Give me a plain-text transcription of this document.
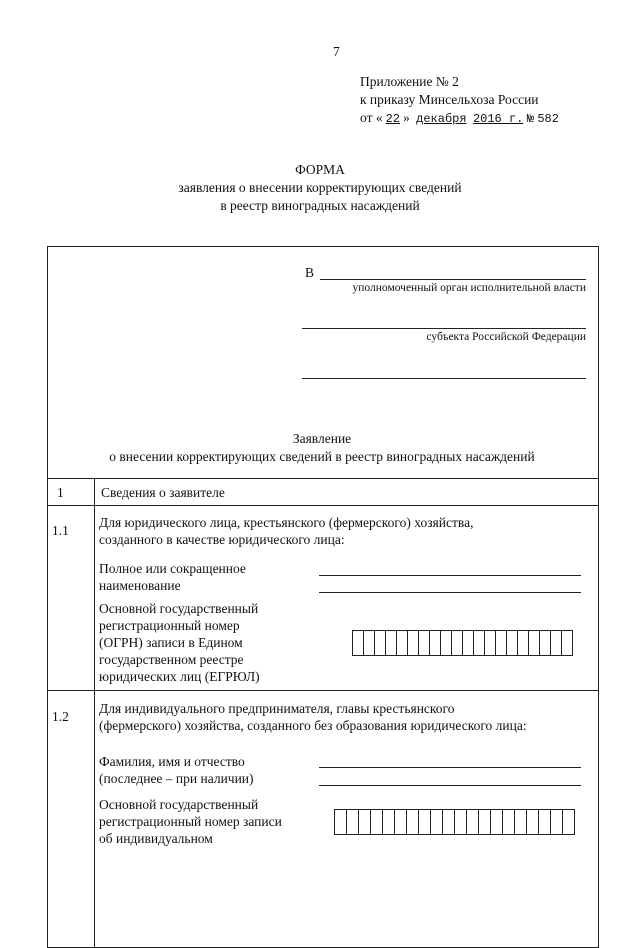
7
Приложение № 2
к приказу Минсельхоза России
от « 22 » декабря 2016 г. № 582
ФОРМА
заявления о внесении корректирующих сведений
в реестр виноградных насаждений
В
уполномоченный орган исполнительной власти
субъекта Российской Федерации
Заявление
о внесении корректирующих сведений в реестр виноградных насаждений
1	Сведения о заявителе
1.1
Для юридического лица, крестьянского (фермерского) хозяйства,
созданного в качестве юридического лица:
Полное или сокращенное
наименование
Основной государственный
регистрационный номер
(ОГРН) записи в Едином
государственном реестре
юридических лиц (ЕГРЮЛ)
1.2
Для индивидуального предпринимателя, главы крестьянского
(фермерского) хозяйства, созданного без образования юридического лица:
Фамилия, имя и отчество
(последнее – при наличии)
Основной государственный
регистрационный номер записи
об индивидуальном
